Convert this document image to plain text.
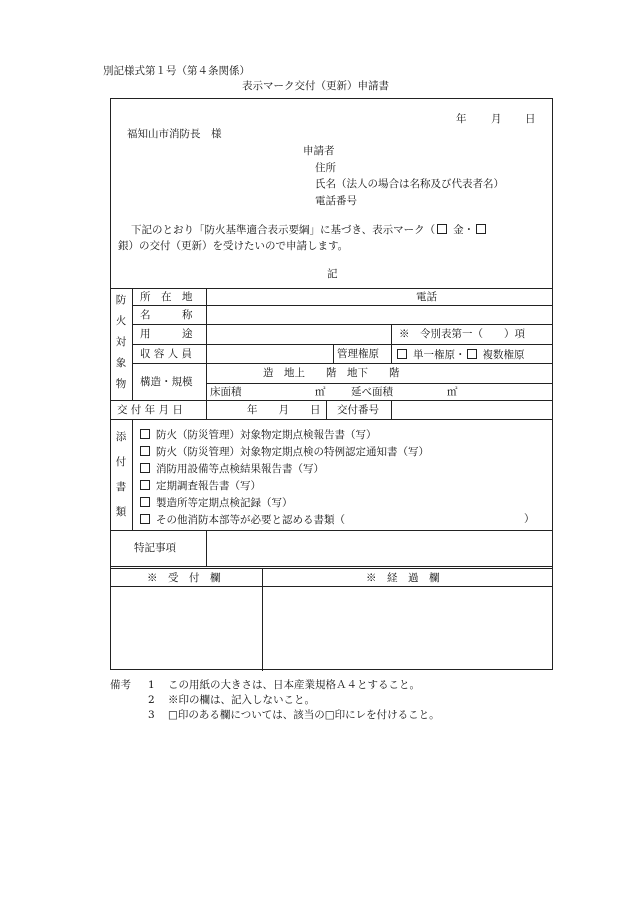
別記様式第１号（第４条関係）
表示マーク交付（更新）申請書
年 月 日
福知山市消防長　様
申請者
住所
氏名（法人の場合は名称及び代表者名）
電話番号
下記のとおり「防火基準適合表示要綱」に基づき、表示マーク（ 金・
銀）の交付（更新）を受けたいので申請します。
記
防
火
対
象
物
所　在　地	電話
名　　　称
用　　　途	※　令別表第一（　　）項
収 容 人 員	管理権原	単一権原・ 複数権原
構造・規模
造　地上　　階　地下　　階
床面積	㎡ 延べ面積	㎡
交 付 年 月 日	年　　月　　日 交付番号
添
付
書
類
防火（防災管理）対象物定期点検報告書（写）
防火（防災管理）対象物定期点検の特例認定通知書（写）
消防用設備等点検結果報告書（写）
定期調査報告書（写）
製造所等定期点検記録（写）
その他消防本部等が必要と認める書類（	）
特記事項
※　受　付　欄	※　経　過　欄
備考 1 この用紙の大きさは、日本産業規格Ａ４とすること。
2 ※印の欄は、記入しないこと。
3 □印のある欄については、該当の□印にレを付けること。
